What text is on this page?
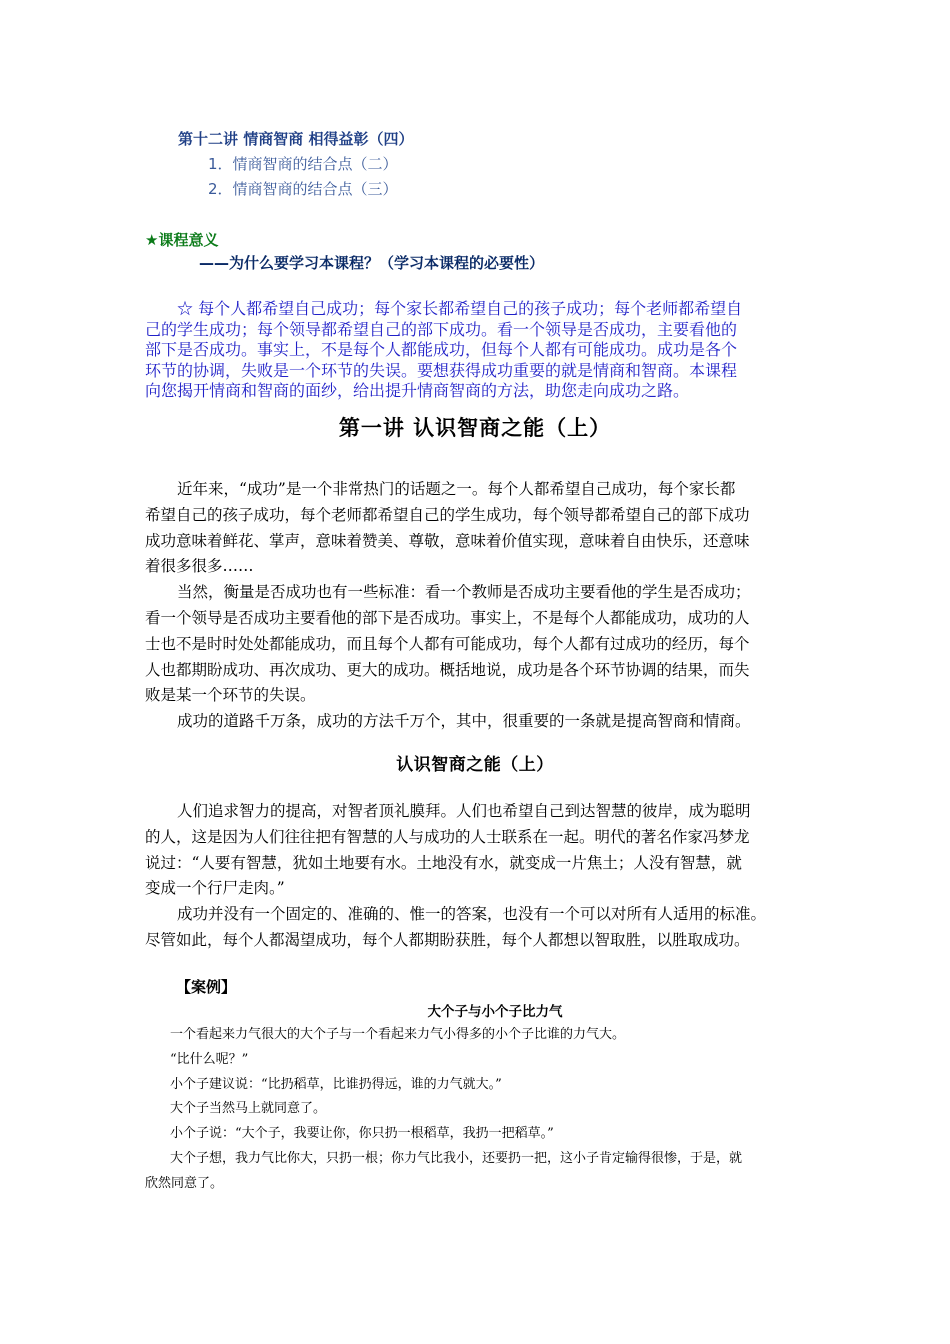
第十二讲 情商智商 相得益彰（四）
1．情商智商的结合点（二）
2．情商智商的结合点（三）
★课程意义
——为什么要学习本课程？（学习本课程的必要性）
☆ 每个人都希望自己成功；每个家长都希望自己的孩子成功；每个老师都希望自
己的学生成功；每个领导都希望自己的部下成功。看一个领导是否成功，主要看他的
部下是否成功。事实上，不是每个人都能成功，但每个人都有可能成功。成功是各个
环节的协调，失败是一个环节的失误。要想获得成功重要的就是情商和智商。本课程
向您揭开情商和智商的面纱，给出提升情商智商的方法，助您走向成功之路。
第一讲 认识智商之能（上）
近年来，“成功”是一个非常热门的话题之一。每个人都希望自己成功，每个家长都
希望自己的孩子成功，每个老师都希望自己的学生成功，每个领导都希望自己的部下成功
成功意味着鲜花、掌声，意味着赞美、尊敬，意味着价值实现，意味着自由快乐，还意味
着很多很多……
当然，衡量是否成功也有一些标准：看一个教师是否成功主要看他的学生是否成功；
看一个领导是否成功主要看他的部下是否成功。事实上，不是每个人都能成功，成功的人
士也不是时时处处都能成功，而且每个人都有可能成功，每个人都有过成功的经历，每个
人也都期盼成功、再次成功、更大的成功。概括地说，成功是各个环节协调的结果，而失
败是某一个环节的失误。
成功的道路千万条，成功的方法千万个，其中，很重要的一条就是提高智商和情商。
认识智商之能（上）
人们追求智力的提高，对智者顶礼膜拜。人们也希望自己到达智慧的彼岸，成为聪明
的人，这是因为人们往往把有智慧的人与成功的人士联系在一起。明代的著名作家冯梦龙
说过：“人要有智慧，犹如土地要有水。土地没有水，就变成一片焦土；人没有智慧，就
变成一个行尸走肉。”
成功并没有一个固定的、准确的、惟一的答案，也没有一个可以对所有人适用的标准。
尽管如此，每个人都渴望成功，每个人都期盼获胜，每个人都想以智取胜，以胜取成功。
【案例】
大个子与小个子比力气
一个看起来力气很大的大个子与一个看起来力气小得多的小个子比谁的力气大。
“比什么呢？”
小个子建议说：“比扔稻草，比谁扔得远，谁的力气就大。”
大个子当然马上就同意了。
小个子说：“大个子，我要让你，你只扔一根稻草，我扔一把稻草。”
大个子想，我力气比你大，只扔一根；你力气比我小，还要扔一把，这小子肯定输得很惨，于是，就
欣然同意了。
